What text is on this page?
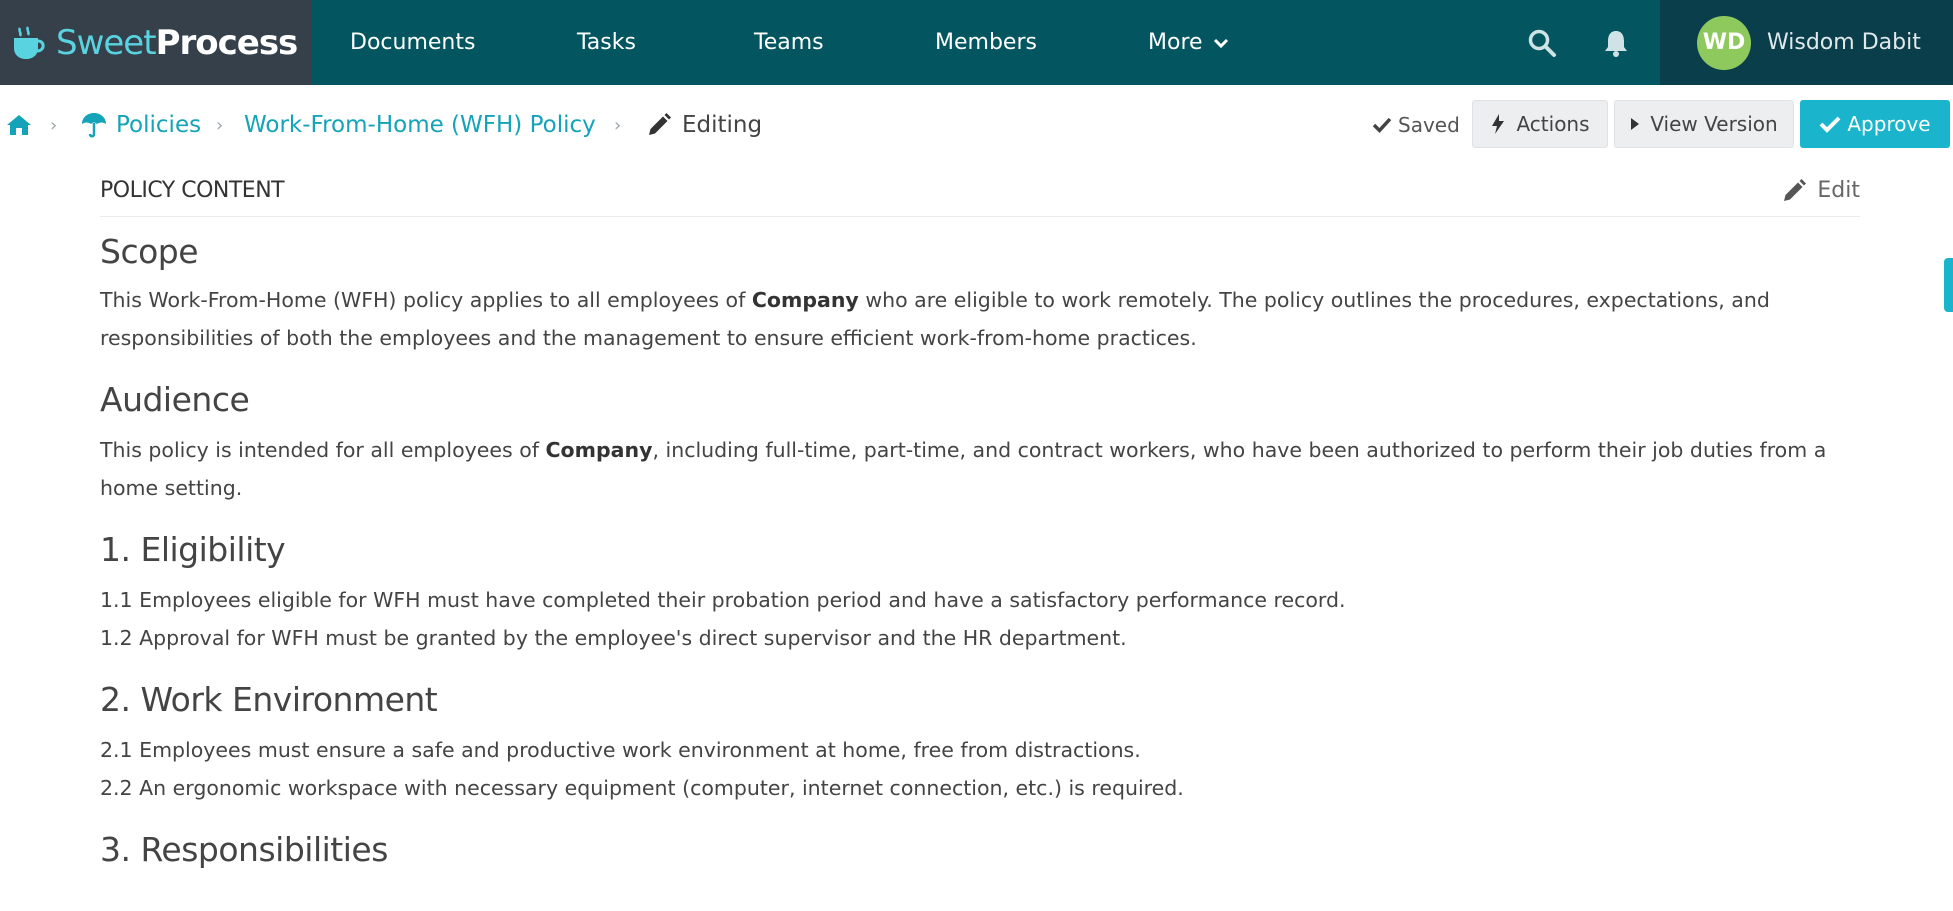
SweetProcess Documents	Tasks	Teams	Members	More	WD Wisdom Dabit
›	Policies › Work-From-Home (WFH) Policy ›	Editing	Saved	Actions	View Version	Approve
POLICY CONTENT	Edit
Scope

This Work-From-Home (WFH) policy applies to all employees of Company who are eligible to work remotely. The policy outlines the procedures, expectations, and responsibilities of both the employees and the management to ensure efficient work-from-home practices.

Audience

This policy is intended for all employees of Company, including full-time, part-time, and contract workers, who have been authorized to perform their job duties from a home setting.

1. Eligibility

1.1 Employees eligible for WFH must have completed their probation period and have a satisfactory performance record.

1.2 Approval for WFH must be granted by the employee's direct supervisor and the HR department.

2. Work Environment

2.1 Employees must ensure a safe and productive work environment at home, free from distractions.

2.2 An ergonomic workspace with necessary equipment (computer, internet connection, etc.) is required.

3. Responsibilities
